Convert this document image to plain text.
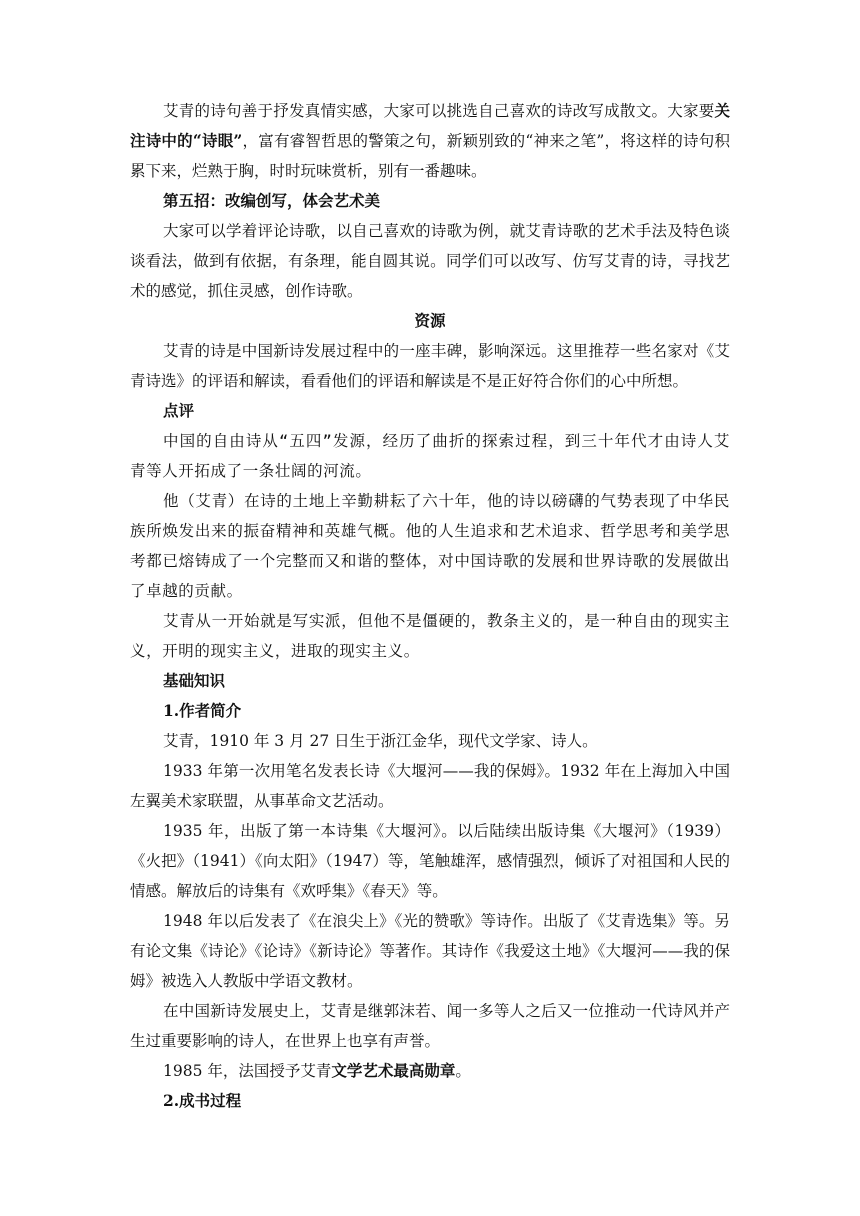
艾青的诗句善于抒发真情实感，大家可以挑选自己喜欢的诗改写成散文。大家要关注诗中的“诗眼”，富有睿智哲思的警策之句，新颖别致的“神来之笔”，将这样的诗句积累下来，烂熟于胸，时时玩味赏析，别有一番趣味。

第五招：改编创写，体会艺术美

大家可以学着评论诗歌，以自己喜欢的诗歌为例，就艾青诗歌的艺术手法及特色谈谈看法，做到有依据，有条理，能自圆其说。同学们可以改写、仿写艾青的诗，寻找艺术的感觉，抓住灵感，创作诗歌。

资源

艾青的诗是中国新诗发展过程中的一座丰碑，影响深远。这里推荐一些名家对《艾青诗选》的评语和解读，看看他们的评语和解读是不是正好符合你们的心中所想。

点评

中国的自由诗从“五四”发源，经历了曲折的探索过程，到三十年代才由诗人艾青等人开拓成了一条壮阔的河流。

他（艾青）在诗的土地上辛勤耕耘了六十年，他的诗以磅礴的气势表现了中华民族所焕发出来的振奋精神和英雄气概。他的人生追求和艺术追求、哲学思考和美学思考都已熔铸成了一个完整而又和谐的整体，对中国诗歌的发展和世界诗歌的发展做出了卓越的贡献。

艾青从一开始就是写实派，但他不是僵硬的，教条主义的，是一种自由的现实主义，开明的现实主义，进取的现实主义。

基础知识

1.作者简介

艾青，1910 年 3 月 27 日生于浙江金华，现代文学家、诗人。

1933 年第一次用笔名发表长诗《大堰河——我的保姆》。1932 年在上海加入中国左翼美术家联盟，从事革命文艺活动。

1935 年，出版了第一本诗集《大堰河》。以后陆续出版诗集《大堰河》（1939）《火把》（1941）《向太阳》（1947）等，笔触雄浑，感情强烈，倾诉了对祖国和人民的情感。解放后的诗集有《欢呼集》《春天》等。

1948 年以后发表了《在浪尖上》《光的赞歌》等诗作。出版了《艾青选集》等。另有论文集《诗论》《论诗》《新诗论》等著作。其诗作《我爱这土地》《大堰河——我的保姆》被选入人教版中学语文教材。

在中国新诗发展史上，艾青是继郭沫若、闻一多等人之后又一位推动一代诗风并产生过重要影响的诗人，在世界上也享有声誉。

1985 年，法国授予艾青文学艺术最高勋章。

2.成书过程
